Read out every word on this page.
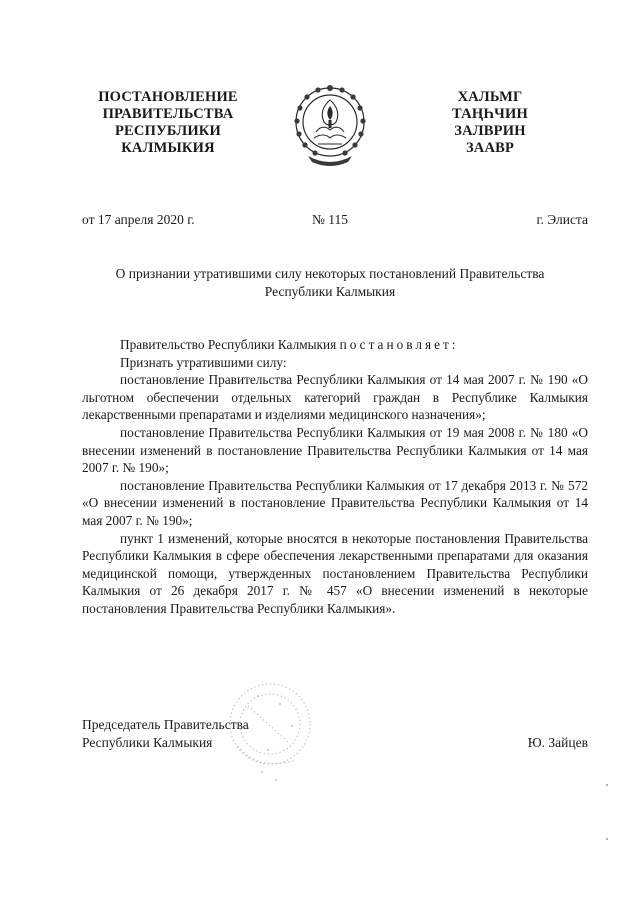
ПОСТАНОВЛЕНИЕ
ПРАВИТЕЛЬСТВА
РЕСПУБЛИКИ
КАЛМЫКИЯ
ХАЛЬМГ
ТАҢҺЧИН
ЗАЛВРИН
ЗААВР
от 17 апреля 2020 г.	№ 115	г. Элиста
О признании утратившими силу некоторых постановлений Правительства Республики Калмыкия

Правительство Республики Калмыкия постановляет:

Признать утратившими силу:

постановление Правительства Республики Калмыкия от 14 мая 2007 г. № 190 «О льготном обеспечении отдельных категорий граждан в Республике Калмыкия лекарственными препаратами и изделиями медицинского назначения»;

постановление Правительства Республики Калмыкия от 19 мая 2008 г. № 180 «О внесении изменений в постановление Правительства Республики Калмыкия от 14 мая 2007 г. № 190»;

постановление Правительства Республики Калмыкия от 17 декабря 2013 г. № 572 «О внесении изменений в постановление Правительства Республики Калмыкия от 14 мая 2007 г. № 190»;

пункт 1 изменений, которые вносятся в некоторые постановления Правительства Республики Калмыкия в сфере обеспечения лекарственными препаратами для оказания медицинской помощи, утвержденных постановлением Правительства Республики Калмыкия от 26 декабря 2017 г. № 457 «О внесении изменений в некоторые постановления Правительства Республики Калмыкия».

Председатель Правительства
Республики Калмыкия	Ю. Зайцев
